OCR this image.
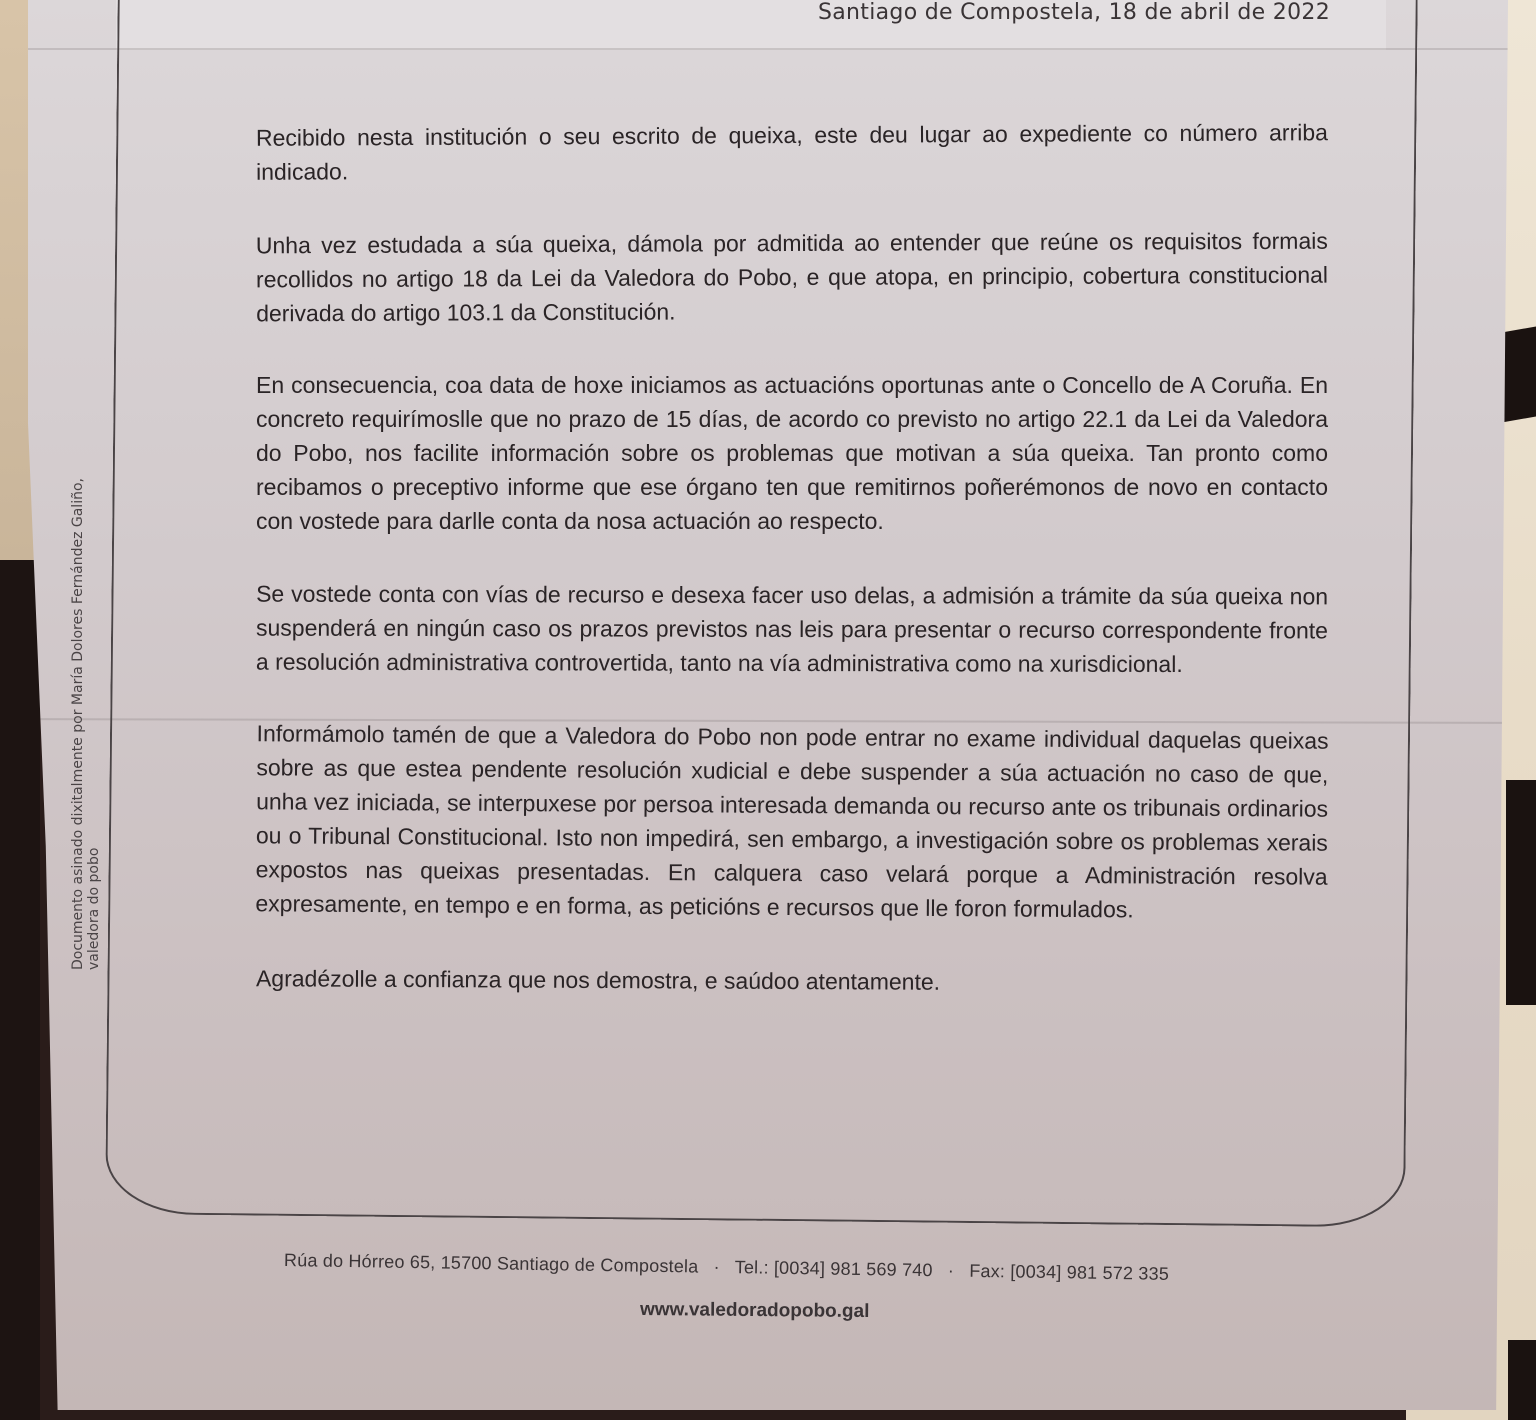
Santiago de Compostela, 18 de abril de 2022
Documento asinado dixitalmente por María Dolores Fernández Galiño, valedora do pobo

Recibido nesta institución o seu escrito de queixa, este deu lugar ao expediente co número arriba indicado.

Unha vez estudada a súa queixa, dámola por admitida ao entender que reúne os requisitos formais recollidos no artigo 18 da Lei da Valedora do Pobo, e que atopa, en principio, cobertura constitucional derivada do artigo 103.1 da Constitución.

En consecuencia, coa data de hoxe iniciamos as actuacións oportunas ante o Concello de A Coruña. En concreto requirímoslle que no prazo de 15 días, de acordo co previsto no artigo 22.1 da Lei da Valedora do Pobo, nos facilite información sobre os problemas que motivan a súa queixa. Tan pronto como recibamos o preceptivo informe que ese órgano ten que remitirnos poñerémonos de novo en contacto con vostede para darlle conta da nosa actuación ao respecto.

Se vostede conta con vías de recurso e desexa facer uso delas, a admisión a trámite da súa queixa non suspenderá en ningún caso os prazos previstos nas leis para presentar o recurso correspondente fronte a resolución administrativa controvertida, tanto na vía administrativa como na xurisdicional.

Informámolo tamén de que a Valedora do Pobo non pode entrar no exame individual daquelas queixas sobre as que estea pendente resolución xudicial e debe suspender a súa actuación no caso de que, unha vez iniciada, se interpuxese por persoa interesada demanda ou recurso ante os tribunais ordinarios ou o Tribunal Constitucional. Isto non impedirá, sen embargo, a investigación sobre os problemas xerais expostos nas queixas presentadas. En calquera caso velará porque a Administración resolva expresamente, en tempo e en forma, as peticións e recursos que lle foron formulados.

Agradézolle a confianza que nos demostra, e saúdoo atentamente.

Rúa do Hórreo 65, 15700 Santiago de Compostela · Tel.: [0034] 981 569 740 · Fax: [0034] 981 572 335
www.valedoradopobo.gal
